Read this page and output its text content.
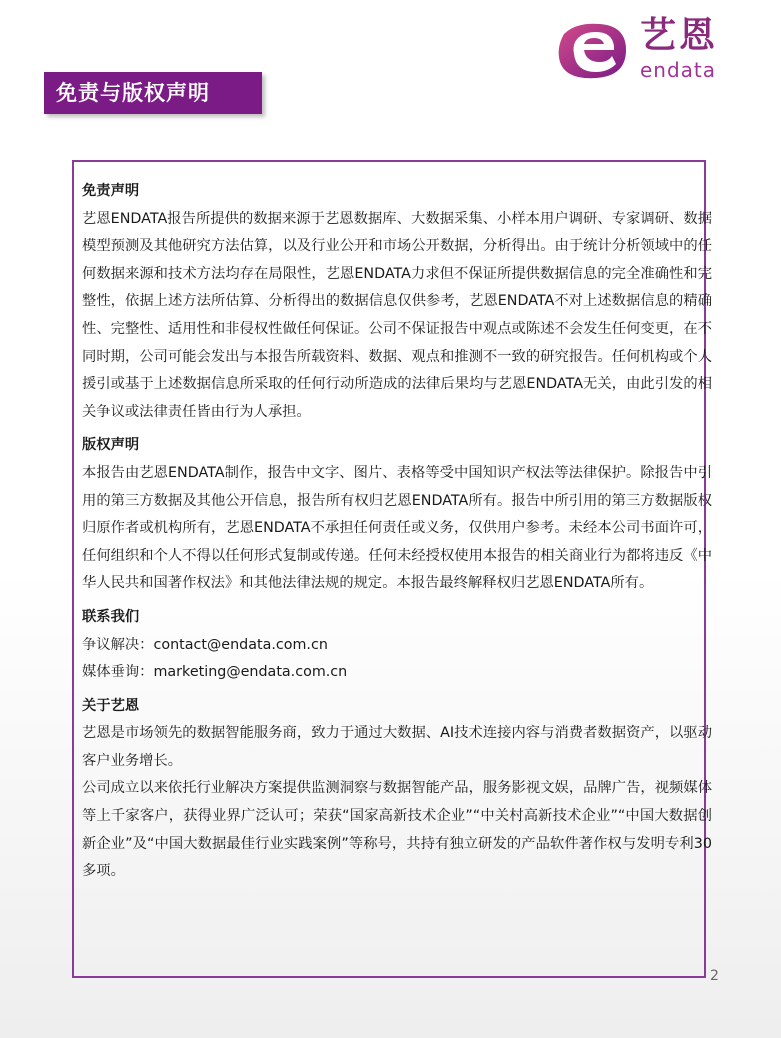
免责与版权声明
艺恩
endata

免责声明

艺恩ENDATA报告所提供的数据来源于艺恩数据库、大数据采集、小样本用户调研、专家调研、数据模型预测及其他研究方法估算，以及行业公开和市场公开数据，分析得出。由于统计分析领域中的任何数据来源和技术方法均存在局限性，艺恩ENDATA力求但不保证所提供数据信息的完全准确性和完整性，依据上述方法所估算、分析得出的数据信息仅供参考，艺恩ENDATA不对上述数据信息的精确性、完整性、适用性和非侵权性做任何保证。公司不保证报告中观点或陈述不会发生任何变更，在不同时期，公司可能会发出与本报告所载资料、数据、观点和推测不一致的研究报告。任何机构或个人援引或基于上述数据信息所采取的任何行动所造成的法律后果均与艺恩ENDATA无关，由此引发的相关争议或法律责任皆由行为人承担。

版权声明

本报告由艺恩ENDATA制作，报告中文字、图片、表格等受中国知识产权法等法律保护。除报告中引用的第三方数据及其他公开信息，报告所有权归艺恩ENDATA所有。报告中所引用的第三方数据版权归原作者或机构所有，艺恩ENDATA不承担任何责任或义务，仅供用户参考。未经本公司书面许可，任何组织和个人不得以任何形式复制或传递。任何未经授权使用本报告的相关商业行为都将违反《中华人民共和国著作权法》和其他法律法规的规定。本报告最终解释权归艺恩ENDATA所有。

联系我们

争议解决：contact@endata.com.cn

媒体垂询：marketing@endata.com.cn

关于艺恩

艺恩是市场领先的数据智能服务商，致力于通过大数据、AI技术连接内容与消费者数据资产，以驱动客户业务增长。

公司成立以来依托行业解决方案提供监测洞察与数据智能产品，服务影视文娱，品牌广告，视频媒体等上千家客户，获得业界广泛认可；荣获“国家高新技术企业”“中关村高新技术企业”“中国大数据创新企业”及“中国大数据最佳行业实践案例”等称号，共持有独立研发的产品软件著作权与发明专利30多项。

2
